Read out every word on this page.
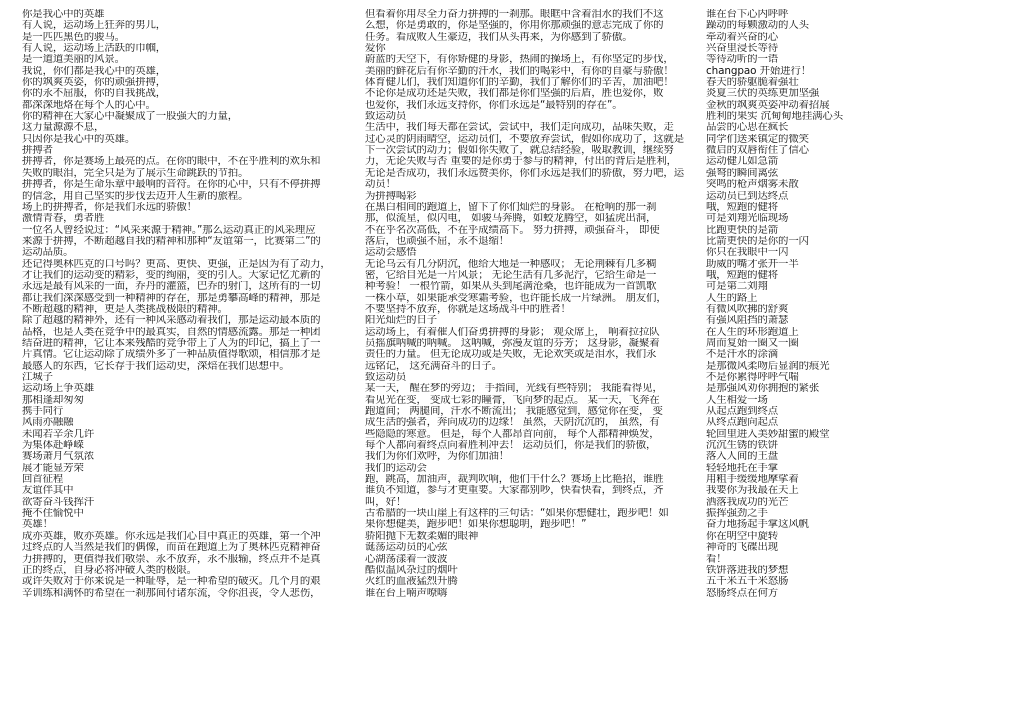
你是我心中的英雄
有人说，运动场上狂奔的男儿，
是一匹匹黑色的骏马。
有人说，运动场上活跃的巾帼，
是一道道美丽的风景。
我说，你们都是我心中的英雄，
你的飒爽英姿，你的顽强拼搏，
你的永不屈服，你的自我挑战，
都深深地烙在每个人的心中。
你的精神在大家心中凝聚成了一股强大的力量，
这力量源源不息，
只因你是我心中的英雄。
拼搏者
拼搏者，你是赛场上最亮的点。在你的眼中，不在乎胜利的欢乐和
失败的眼泪，完全只是为了展示生命跳跃的节拍。
拼搏者，你是生命乐章中最响的音符。在你的心中，只有不停拼搏
的信念，用自己坚实的步伐去迈开人生新的旅程。
场上的拼搏者，你是我们永远的骄傲！
激情青春，勇者胜
一位名人曾经说过：“风采来源于精神。”那么运动真正的风采理应
来源于拼搏，不断超越自我的精神和那种“友谊第一，比赛第二”的
运动品质。
还记得奥林匹克的口号吗？更高、更快、更强，正是因为有了动力，
才让我们的运动变的精彩，变的绚丽，变的引人。大家记忆尤新的
永远是最有风采的一面，乔丹的灌篮，巴乔的射门，这所有的一切
都让我们深深感受到一种精神的存在，那是勇攀高峰的精神，那是
不断超越的精神，更是人类挑战极限的精神。
除了超越的精神外，还有一种风采感动着我们，那是运动最本质的
品格，也是人类在竞争中的最真实，自然的情感流露。那是一种团
结奋进的精神，它让本来残酷的竞争带上了人为的印记，搞上了一
片真情。它让运动除了成绩外多了一种品质值得歌颂，相信那才是
最感人的东西，它长存于我们运动史，深焙在我们思想中。
江城子
运动场上争英雄
那相逢却匆匆
携手同行
风雨亦融融
未闻若辛余几许
为集体赴峥嵘
赛场萧月气氛浓
展才能显芳荣
回首征程
友谊伴其中
欲寄奋斗钱挥汗
掩不住愉悦中
英雄！
成亦英雄，败亦英雄。你永远是我们心目中真正的英雄，第一个冲
过终点的人当然是我们的偶像，而苗在跑道上为了奥林匹克精神奋
力拼搏的，更值得我们敬崇、永不放弃，永不服输，终点并不是真
正的终点，自身必将冲破人类的极限。
或许失败对于你来说是一种耻辱，是一种希望的破灭。几个月的艰
辛训练和满怀的希望在一刹那间付诸东流，令你沮丧，令人悲伤，
但看着你用尽全力奋力拼搏的一刹那。眼眶中含着泪水的我们不这
么想，你是勇敢的，你是坚强的，你用你那顽强的意志完成了你的
任务。看成败人生豪迈，我们从头再来，为你感到了骄傲。
爱你
蔚蓝的天空下，有你矫健的身影，热闹的操场上，有你坚定的步伐，
美丽的鲜花后有你辛勤的汗水，我们的喝彩中，有你的自豪与骄傲！
体育健儿们，我们知道你们的辛勤，我们了解你们的辛苦，加油吧！
不论你是成功还是失败，我们都是你们坚强的后盾，胜也爱你，败
也爱你，我们永远支持你，你们永远是“最特别的存在”。
致运动员
生活中，我们每天都在尝试，尝试中，我们走向成功，品味失败，走
过心灵的阴雨晴空，运动员们，不要放弃尝试，假如你成功了，这就是
下一次尝试的动力；假如你失败了，就总结经验，吸取教训，继续努
力，无论失败与否 重要的是你勇于参与的精神，付出的背后是胜利，
无论是否成功，我们永远赞美你，你们永远是我们的骄傲，努力吧，运
动员！
为拼搏喝彩
在黑白相间的跑道上，留下了你们灿烂的身影。 在枪响的那一刹
那，似流星，似闪电， 如骏马奔腾，如蛟龙腾空，如猛虎出洞，
不在乎名次高低，不在乎成绩高下。 努力拼搏，顽强奋斗， 即使
落后，也顽强不屈，永不退缩！
运动会感悟
无论乌云有几分阴沉，他给大地是一种感叹； 无论荆棘有几多稠
密，它给目光是一片风景； 无论生活有几多泥泞，它给生命是一
种考验！ 一根竹箭，如果从头到尾满沧桑，也许能成为一首凯歌
一株小草，如果能承受寒霜考验，也许能长成一片绿洲。 朋友们，
不要坚持不放弃，你就是这场战斗中的胜者！
阳光灿烂的日子
运动场上，有着催人们奋勇拼搏的身影； 观众席上， 响着拉拉队
员摇旗呐喊的呐喊。 这呐喊，弥漫友谊的芬芳； 这身影，凝聚着
责任的力量。 但无论成功或是失败，无论欢笑或是泪水，我们永
远铭记， 这充满奋斗的日子。
致运动员
某一天， 醒在梦的旁边； 手指间，光线有些特别； 我能看得见，
看见光在变， 变成七彩的瞳膏，飞向梦的起点。 某一天，飞奔在
跑道间； 两腿间，汗水不断流出； 我能感觉到，感觉你在变， 变
成生活的强者，奔向成功的边缘！ 虽然，天阴沉沉的， 虽然，有
些隐隐的寒意。 但是，每个人都昂首向前， 每个人都精神焕发，
每个人都向着终点向着胜利冲去！ 运动员们，你是我们的骄傲，
我们为你们欢呼，为你们加油！
我们的运动会
跑，跳高，加油声，裁判吹响，他们干什么？赛场上比艳招，谁胜
谁负不知道，参与才更重要。大家都别吵，快看快看，到终点，齐
叫，好！
古希腊的一块山崖上有这样的三句话：“如果你想健壮，跑步吧！如
果你想健美，跑步吧！如果你想聪明，跑步吧！”
骄阳抛下无数柔媚的眼神
诞荡运动员的心弦
心湖荡漾着一波波
酷似温风杂过的烟叶
火红的血液猛烈升腾
谁在台上喃声嘹嗨
谁在台下心内呼呼
躁动的每颗激动的人头
牵动着兴奋的心
兴奋里浸长等待
等待动听的一语
changpao 开始进行！
春天的骄躯脆着强壮
炎夏三伏的英练更加坚强
金秋的飒爽英姿冲动着招展
胜利的果实 沉甸甸地挂满心头
品尝的心思在疯长
同学们送来镇定的微笑
微启的双唇衔住了信心
运动健儿如急箭
强弩的瞬间离弦
突鸣的枪声烟雾未散
运动员已到达终点
哦，短跑的健将
可是刘翔光临现场
比跑更快的是箭
比箭更快的是你的一闪
你只在我眼中一闪
助威的嘴才张开一半
哦，短跑的健将
可是第二刘翔
人生的路上
有微风吹拂的舒爽
有强风阻挡的萧瑟
在人生的环形跑道上
周而复始一圈又一圈
不是汗水的涂滴
是那微风柔吻后显润的痕光
不是你累得呼呼气喘
是那强风劝你拥抱的紧张
人生相爱一场
从起点跑到终点
从终点跑向起点
轮回里进入美妙甜蜜的殿堂
沉沉生锈的铁饼
落入人间的王盘
轻轻地托在手掌
用粗手缓缓地摩挲着
我要你为我最在天上
洒落我成功的光芒
振挥强劲之手
奋力地扬起手掌这风帆
你在明空中旋转
神奇的飞碟出现
看！
铁饼落进我的梦想
五千米五千米怒肠
怒肠终点在何方
